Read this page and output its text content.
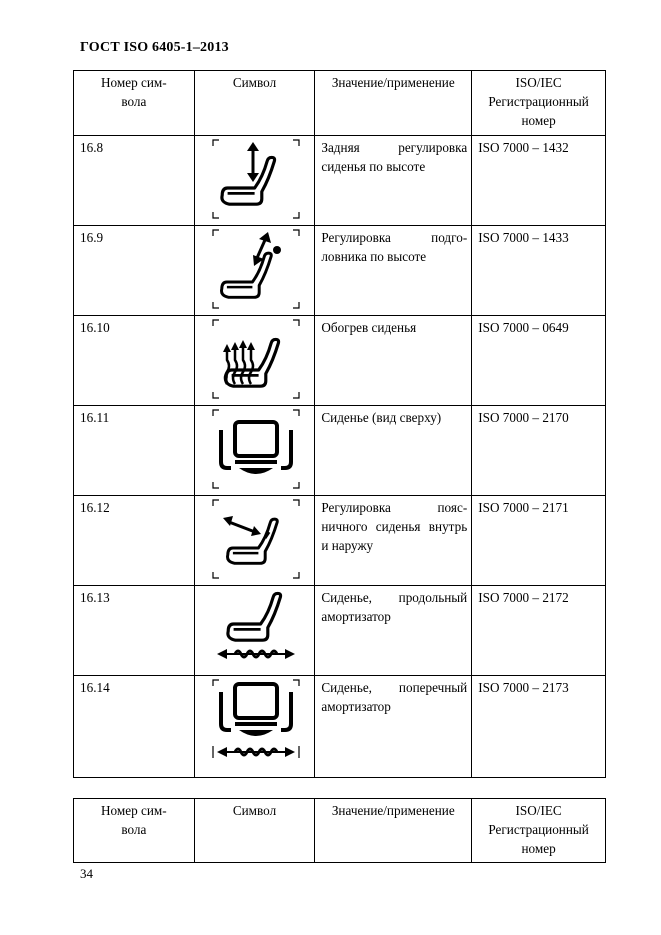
ГОСТ ISO 6405-1–2013
Номер сим-
вола	Символ	Значение/применение	ISO/IEC
Регистрационный
номер
16.8		Задняя регулировка сиденья по высоте	ISO 7000 – 1432
16.9		Регулировка подго-ловника по высоте	ISO 7000 – 1433
16.10		Обогрев сиденья	ISO 7000 – 0649
16.11		Сиденье (вид сверху)	ISO 7000 – 2170
16.12		Регулировка пояс-ничного сиденья внутрь и наружу	ISO 7000 – 2171
16.13		Сиденье, продольный амортизатор	ISO 7000 – 2172
16.14		Сиденье, поперечный амортизатор	ISO 7000 – 2173
Номер сим-
вола	Символ	Значение/применение	ISO/IEC
Регистрационный
номер
34
